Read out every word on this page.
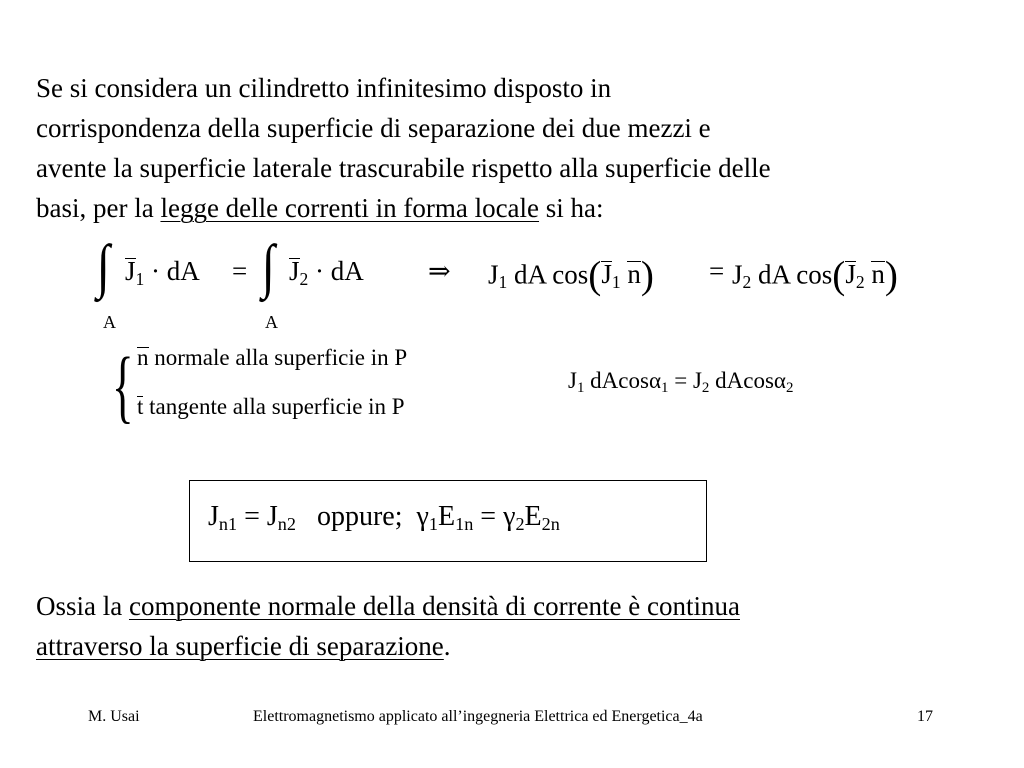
Se si considera un cilindretto infinitesimo disposto in
corrispondenza della superficie di separazione dei due mezzi e
avente la superficie laterale trascurabile rispetto alla superficie delle
basi, per la legge delle correnti in forma locale si ha:

∫ $J_1$ · dA =
A
∫ $J_2$ · dA
A
⇒ $J_1$ dA $\cos(J_1$ $n) = J_2$ dA $\cos(J_2$ n)
{ n normale alla superficie in P
t tangente alla superficie in P
$J_1$ $dAcos\alpha_1 = J_2$ dAcosα$_2$
$J_{n1} = J_{n2}$ oppure; $\gamma_1E_{1n} = \gamma_2E_{2n}$

Ossia la componente normale della densità di corrente è continua
attraverso la superficie di separazione.

M. Usai	Elettromagnetismo applicato all’ingegneria Elettrica ed Energetica_4a	17
